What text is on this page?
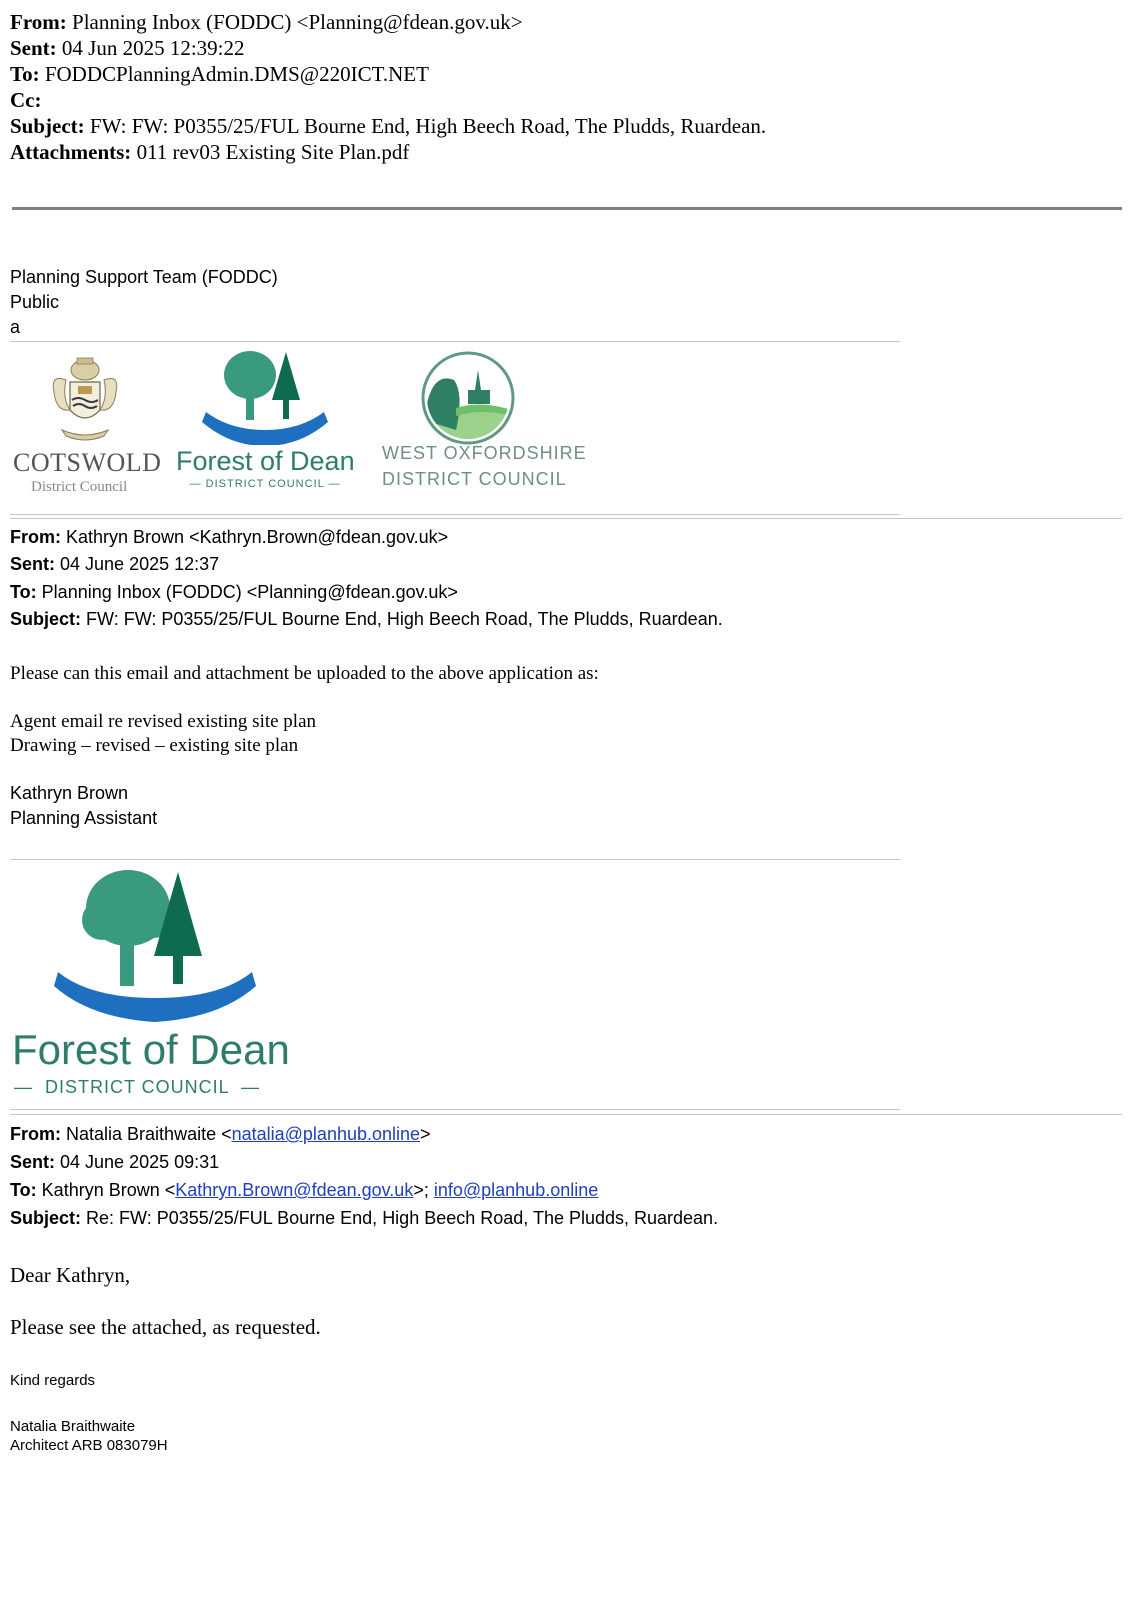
From: Planning Inbox (FODDC) <Planning@fdean.gov.uk>
Sent: 04 Jun 2025 12:39:22
To: FODDCPlanningAdmin.DMS@220ICT.NET
Cc:
Subject: FW: FW: P0355/25/FUL Bourne End, High Beech Road, The Pludds, Ruardean.
Attachments: 011 rev03 Existing Site Plan.pdf
Planning Support Team (FODDC)
Public
a
COTSWOLD
District Council
Forest of Dean
— DISTRICT COUNCIL —
WEST OXFORDSHIRE
DISTRICT COUNCIL
From: Kathryn Brown <Kathryn.Brown@fdean.gov.uk>
Sent: 04 June 2025 12:37
To: Planning Inbox (FODDC) <Planning@fdean.gov.uk>
Subject: FW: FW: P0355/25/FUL Bourne End, High Beech Road, The Pludds, Ruardean.
Please can this email and attachment be uploaded to the above application as:
Agent email re revised existing site plan
Drawing – revised – existing site plan
Kathryn Brown
Planning Assistant
Forest of Dean
—  DISTRICT COUNCIL  —
From: Natalia Braithwaite <natalia@planhub.online>
Sent: 04 June 2025 09:31
To: Kathryn Brown <Kathryn.Brown@fdean.gov.uk>; info@planhub.online
Subject: Re: FW: P0355/25/FUL Bourne End, High Beech Road, The Pludds, Ruardean.
Dear Kathryn,
Please see the attached, as requested.
Kind regards
Natalia Braithwaite
Architect ARB 083079H
